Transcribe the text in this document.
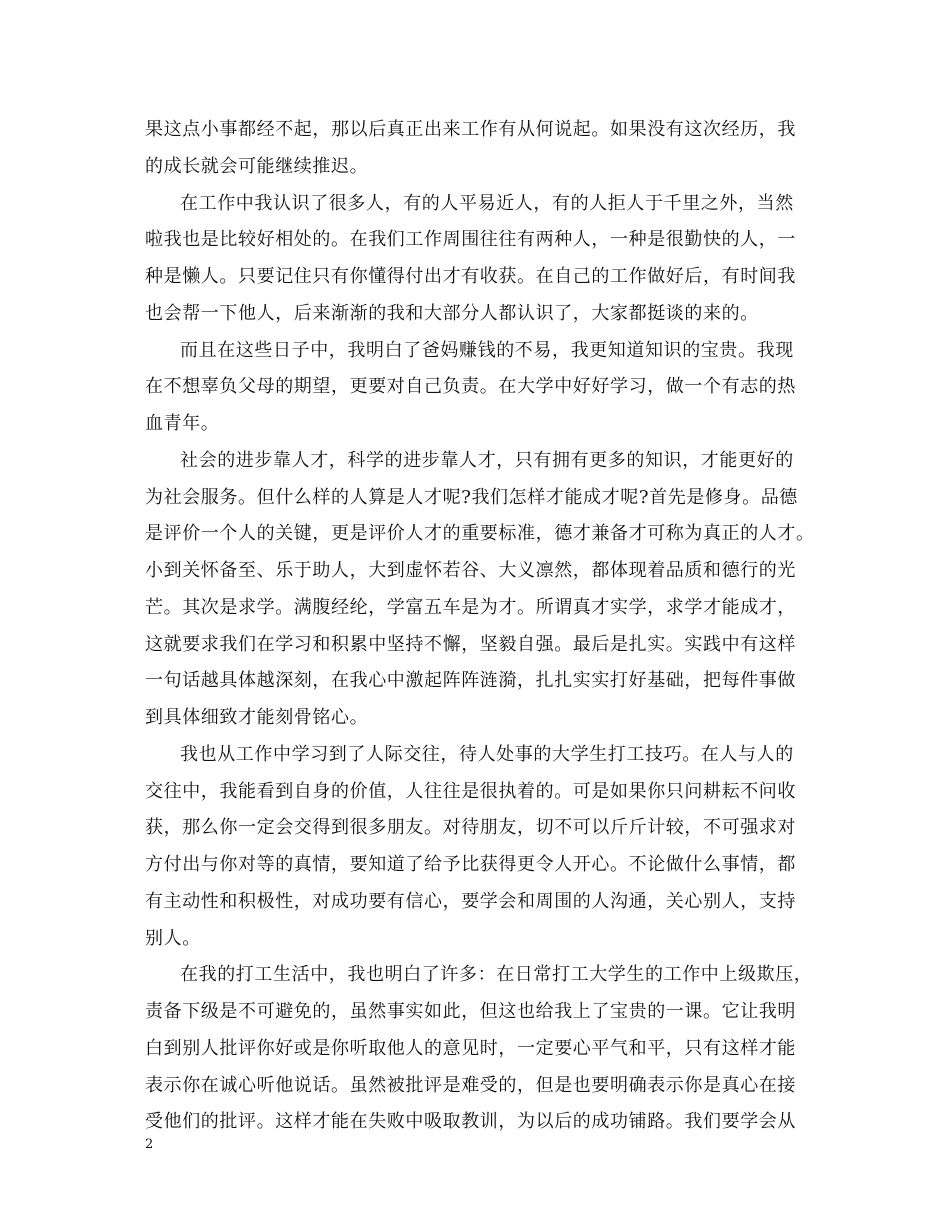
果这点小事都经不起，那以后真正出来工作有从何说起。如果没有这次经历，我
的成长就会可能继续推迟。
在工作中我认识了很多人，有的人平易近人，有的人拒人于千里之外，当然
啦我也是比较好相处的。在我们工作周围往往有两种人，一种是很勤快的人，一
种是懒人。只要记住只有你懂得付出才有收获。在自己的工作做好后，有时间我
也会帮一下他人，后来渐渐的我和大部分人都认识了，大家都挺谈的来的。
而且在这些日子中，我明白了爸妈赚钱的不易，我更知道知识的宝贵。我现
在不想辜负父母的期望，更要对自己负责。在大学中好好学习，做一个有志的热
血青年。
社会的进步靠人才，科学的进步靠人才，只有拥有更多的知识，才能更好的
为社会服务。但什么样的人算是人才呢?我们怎样才能成才呢?首先是修身。品德
是评价一个人的关键，更是评价人才的重要标准，德才兼备才可称为真正的人才。
小到关怀备至、乐于助人，大到虚怀若谷、大义凛然，都体现着品质和德行的光
芒。其次是求学。满腹经纶，学富五车是为才。所谓真才实学，求学才能成才，
这就要求我们在学习和积累中坚持不懈，坚毅自强。最后是扎实。实践中有这样
一句话越具体越深刻，在我心中激起阵阵涟漪，扎扎实实打好基础，把每件事做
到具体细致才能刻骨铭心。
我也从工作中学习到了人际交往，待人处事的大学生打工技巧。在人与人的
交往中，我能看到自身的价值，人往往是很执着的。可是如果你只问耕耘不问收
获，那么你一定会交得到很多朋友。对待朋友，切不可以斤斤计较，不可强求对
方付出与你对等的真情，要知道了给予比获得更令人开心。不论做什么事情，都
有主动性和积极性，对成功要有信心，要学会和周围的人沟通，关心别人，支持
别人。
在我的打工生活中，我也明白了许多：在日常打工大学生的工作中上级欺压，
责备下级是不可避免的，虽然事实如此，但这也给我上了宝贵的一课。它让我明
白到别人批评你好或是你听取他人的意见时，一定要心平气和平，只有这样才能
表示你在诚心听他说话。虽然被批评是难受的，但是也要明确表示你是真心在接
受他们的批评。这样才能在失败中吸取教训，为以后的成功铺路。我们要学会从
2
